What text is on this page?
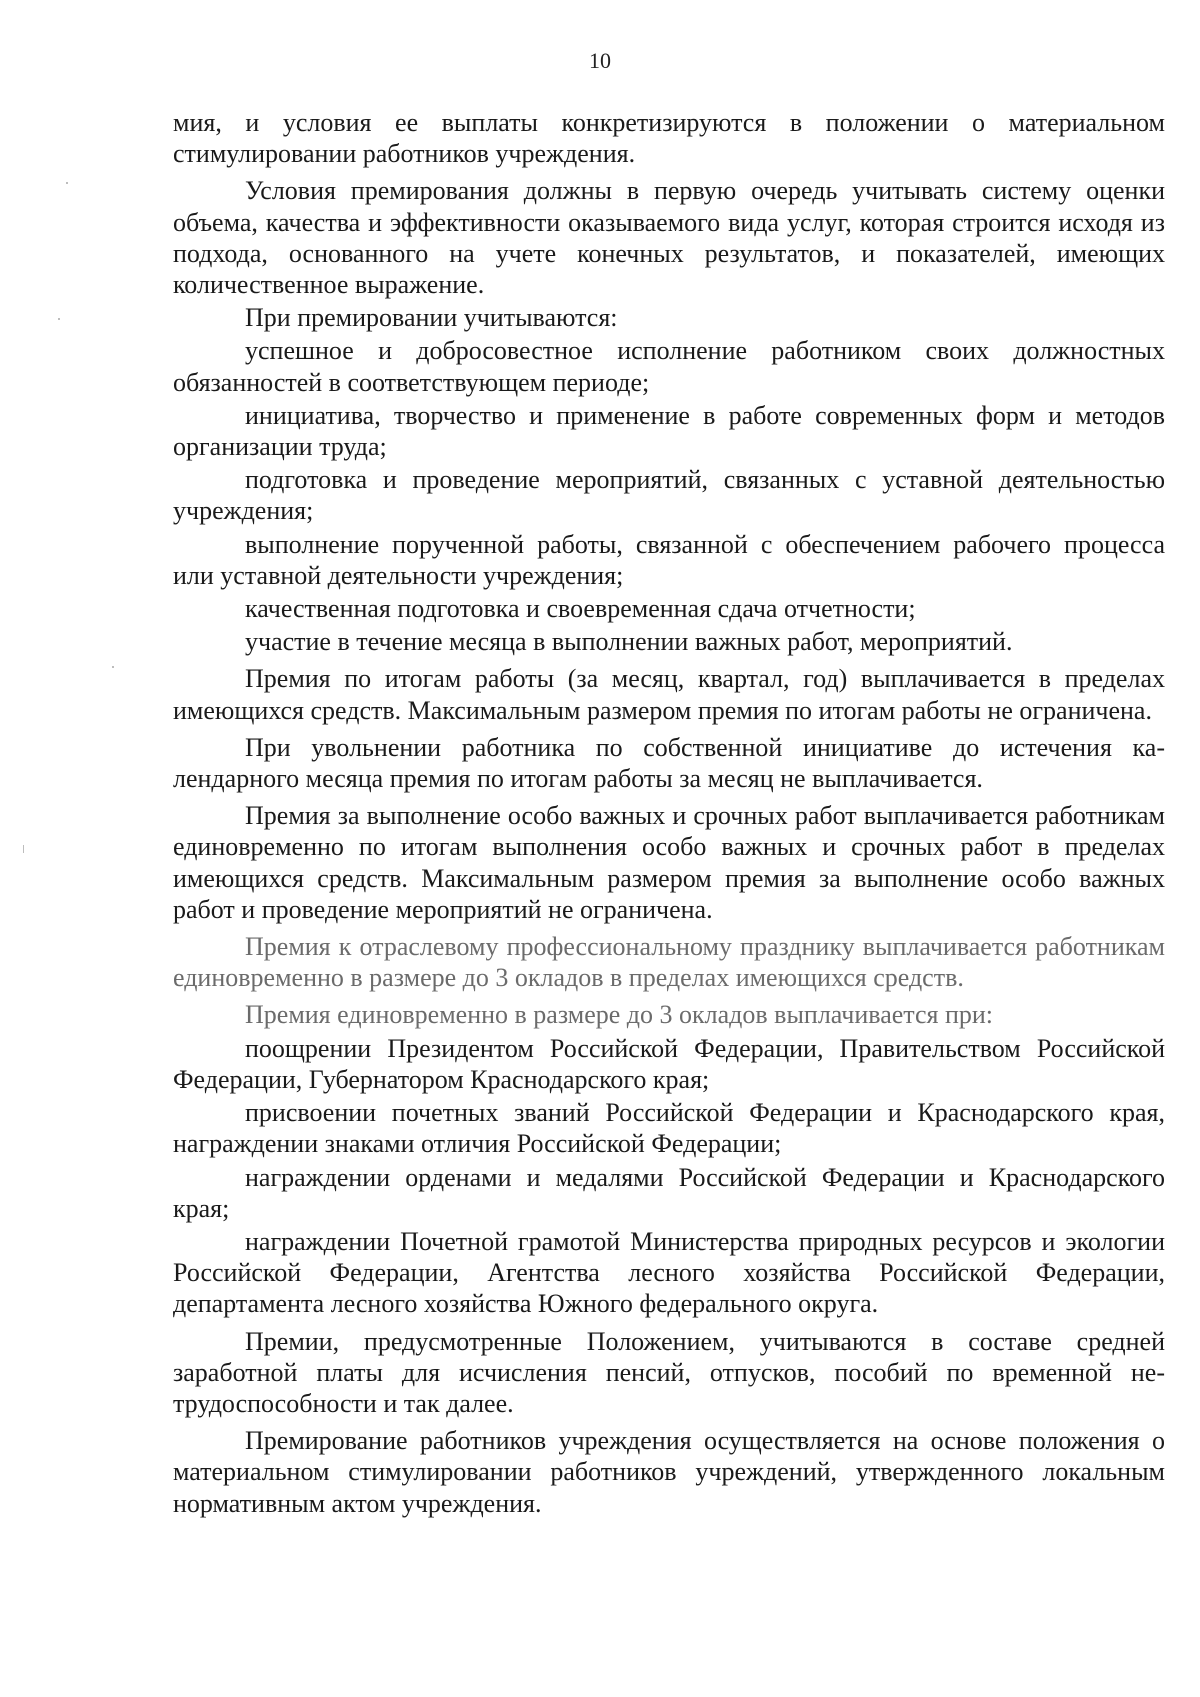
10

мия, и условия ее выплаты конкретизируются в положении о материальном стимулировании работников учреждения.

Условия премирования должны в первую очередь учитывать систему оценки объема, качества и эффективности оказываемого вида услуг, которая строится исходя из подхода, основанного на учете конечных результатов, и показателей, имеющих количественное выражение.

При премировании учитываются:

успешное и добросовестное исполнение работником своих должностных обязанностей в соответствующем периоде;

инициатива, творчество и применение в работе современных форм и методов организации труда;

подготовка и проведение мероприятий, связанных с уставной деятельностью учреждения;

выполнение порученной работы, связанной с обеспечением рабочего процесса или уставной деятельности учреждения;

качественная подготовка и своевременная сдача отчетности;

участие в течение месяца в выполнении важных работ, мероприятий.

Премия по итогам работы (за месяц, квартал, год) выплачивается в пределах имеющихся средств. Максимальным размером премия по итогам работы не ограничена.

При увольнении работника по собственной инициативе до истечения календарного месяца премия по итогам работы за месяц не выплачивается.

Премия за выполнение особо важных и срочных работ выплачивается работникам единовременно по итогам выполнения особо важных и срочных работ в пределах имеющихся средств. Максимальным размером премия за выполнение особо важных работ и проведение мероприятий не ограничена.

Премия к отраслевому профессиональному празднику выплачивается работникам единовременно в размере до 3 окладов в пределах имеющихся средств.

Премия единовременно в размере до 3 окладов выплачивается при:

поощрении Президентом Российской Федерации, Правительством Российской Федерации, Губернатором Краснодарского края;

присвоении почетных званий Российской Федерации и Краснодарского края, награждении знаками отличия Российской Федерации;

награждении орденами и медалями Российской Федерации и Краснодарского края;

награждении Почетной грамотой Министерства природных ресурсов и экологии Российской Федерации, Агентства лесного хозяйства Российской Федерации, департамента лесного хозяйства Южного федерального округа.

Премии, предусмотренные Положением, учитываются в составе средней заработной платы для исчисления пенсий, отпусков, пособий по временной нетрудоспособности и так далее.

Премирование работников учреждения осуществляется на основе положения о материальном стимулировании работников учреждений, утвержденного локальным нормативным актом учреждения.
